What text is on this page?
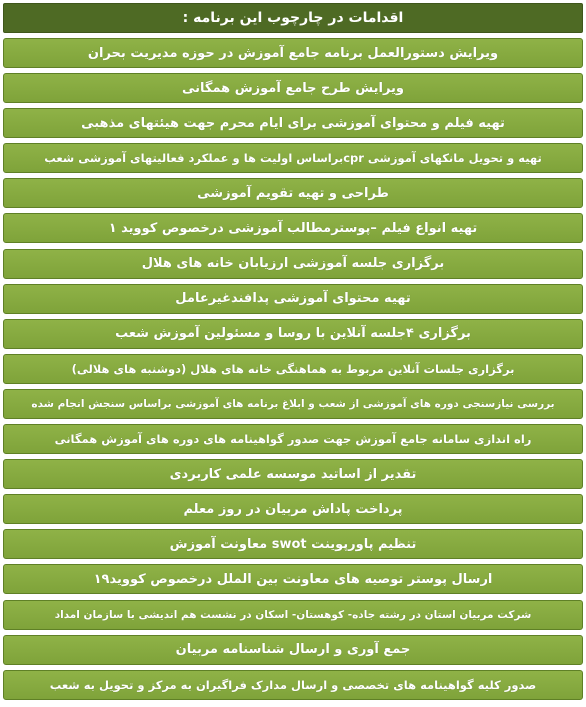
اقدامات در چارچوب این برنامه :
ویرایش دستورالعمل برنامه جامع آموزش در حوزه مدیریت بحران
ویرایش طرح جامع آموزش همگانی
تهیه فیلم و محتوای آموزشی برای ایام محرم جهت هیئتهای مذهبی
تهیه و تحویل مانکهای آموزشی cprبراساس اولیت ها و عملکرد فعالیتهای آموزشی شعب
طراحی و تهیه تقویم آموزشی
تهیه انواع فیلم –پوسترمطالب آموزشی درخصوص کووید ۱
برگزاری جلسه آموزشی ارزیابان خانه های هلال
تهیه محتوای آموزشی پدافندغیرعامل
برگزاری ۴جلسه آنلاین با روسا و مسئولین آموزش شعب
برگزاری جلسات آنلاین مربوط به هماهنگی خانه های هلال (دوشنبه های هلالی)
بررسی نیازسنجی دوره های آموزشی از شعب و ابلاغ برنامه های آموزشی براساس سنجش انجام شده
راه اندازی سامانه جامع آموزش جهت صدور گواهینامه های دوره های آموزش همگانی
تقدیر از اساتید موسسه علمی کاربردی
پرداخت پاداش مربیان در روز معلم
تنظیم پاورپوینت swot معاونت آموزش
ارسال پوستر توصیه های معاونت بین الملل درخصوص کووید۱۹
شرکت مربیان استان در رشته جاده- کوهستان- اسکان در نشست هم اندیشی با سازمان امداد
جمع آوری و ارسال شناسنامه مربیان
صدور کلیه گواهینامه های تخصصی و ارسال مدارک فراگیران به مرکز و تحویل به شعب
